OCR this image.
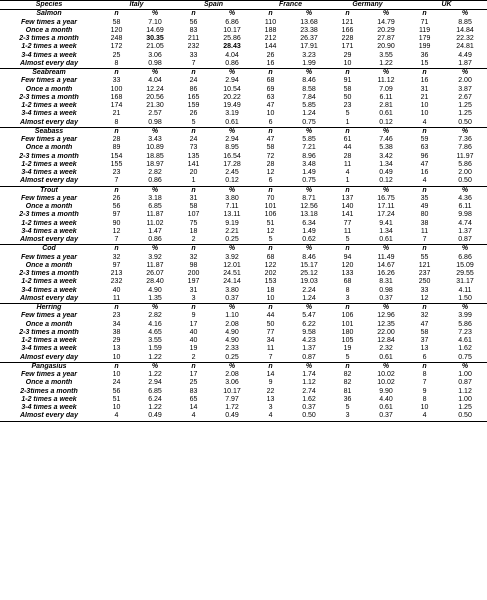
Species	Italy		Spain		France		Germany		UK	
Salmon	n	%	n	%	n	%	n	%	n	%
Few times a year	58	7.10	56	6.86	110	13.68	121	14.79	71	8.85
Once a month	120	14.69	83	10.17	188	23.38	166	20.29	119	14.84
2-3 times a month	248	30.35	211	25.86	212	26.37	228	27.87	179	22.32
1-2 times a week	172	21.05	232	28.43	144	17.91	171	20.90	199	24.81
3-4 times a week	25	3.06	33	4.04	26	3.23	29	3.55	36	4.49
Almost every day	8	0.98	7	0.86	16	1.99	10	1.22	15	1.87
Seabream	n	%	n	%	n	%	n	%	n	%
Few times a year	33	4.04	24	2.94	68	8.46	91	11.12	16	2.00
Once a month	100	12.24	86	10.54	69	8.58	58	7.09	31	3.87
2-3 times a month	168	20.56	165	20.22	63	7.84	50	6.11	21	2.67
1-2 times a week	174	21.30	159	19.49	47	5.85	23	2.81	10	1.25
3-4 times a week	21	2.57	26	3.19	10	1.24	5	0.61	10	1.25
Almost every day	8	0.98	5	0.61	6	0.75	1	0.12	4	0.50
Seabass	n	%	n	%	n	%	n	%	n	%
Few times a year	28	3.43	24	2.94	47	5.85	61	7.46	59	7.36
Once a month	89	10.89	73	8.95	58	7.21	44	5.38	63	7.86
2-3 times a month	154	18.85	135	16.54	72	8.96	28	3.42	96	11.97
1-2 times a week	155	18.97	141	17.28	28	3.48	11	1.34	47	5.86
3-4 times a week	23	2.82	20	2.45	12	1.49	4	0.49	16	2.00
Almost every day	7	0.86	1	0.12	6	0.75	1	0.12	4	0.50
Trout	n	%	n	%	n	%	n	%	n	%
Few times a year	26	3.18	31	3.80	70	8.71	137	16.75	35	4.36
Once a month	56	6.85	58	7.11	101	12.56	140	17.11	49	6.11
2-3 times a month	97	11.87	107	13.11	106	13.18	141	17.24	80	9.98
1-2 times a week	90	11.02	75	9.19	51	6.34	77	9.41	38	4.74
3-4 times a week	12	1.47	18	2.21	12	1.49	11	1.34	11	1.37
Almost every day	7	0.86	2	0.25	5	0.62	5	0.61	7	0.87
Cod	n	%	n	%	n	%	n	%	n	%
Few times a year	32	3.92	32	3.92	68	8.46	94	11.49	55	6.86
Once a month	97	11.87	98	12.01	122	15.17	120	14.67	121	15.09
2-3 times a month	213	26.07	200	24.51	202	25.12	133	16.26	237	29.55
1-2 times a week	232	28.40	197	24.14	153	19.03	68	8.31	250	31.17
3-4 times a week	40	4.90	31	3.80	18	2.24	8	0.98	33	4.11
Almost every day	11	1.35	3	0.37	10	1.24	3	0.37	12	1.50
Herring	n	%	n	%	n	%	n	%	n	%
Few times a year	23	2.82	9	1.10	44	5.47	106	12.96	32	3.99
Once a month	34	4.16	17	2.08	50	6.22	101	12.35	47	5.86
2-3 times a month	38	4.65	40	4.90	77	9.58	180	22.00	58	7.23
1-2 times a week	29	3.55	40	4.90	34	4.23	105	12.84	37	4.61
3-4 times a week	13	1.59	19	2.33	11	1.37	19	2.32	13	1.62
Almost every day	10	1.22	2	0.25	7	0.87	5	0.61	6	0.75
Pangasius	n	%	n	%	n	%	n	%	n	%
Few times a year	10	1.22	17	2.08	14	1.74	82	10.02	8	1.00
Once a month	24	2.94	25	3.06	9	1.12	82	10.02	7	0.87
2-3times a month	56	6.85	83	10.17	22	2.74	81	9.90	9	1.12
1-2 times a week	51	6.24	65	7.97	13	1.62	36	4.40	8	1.00
3-4 times a week	10	1.22	14	1.72	3	0.37	5	0.61	10	1.25
Almost every day	4	0.49	4	0.49	4	0.50	3	0.37	4	0.50
